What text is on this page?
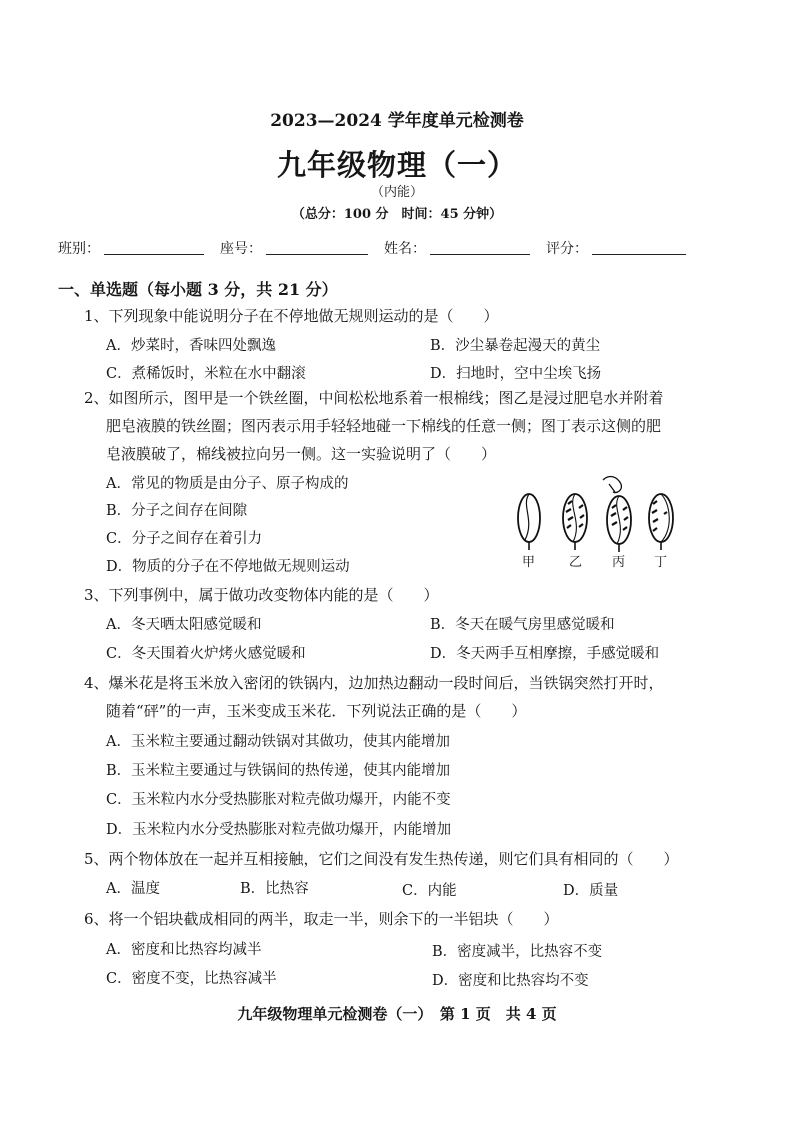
2023—2024 学年度单元检测卷
九年级物理（一）
（内能）
（总分：100 分　时间：45 分钟）
班别：	座号：	姓名：	评分：
一、单选题（每小题 3 分，共 21 分）
1、下列现象中能说明分子在不停地做无规则运动的是（　　）
A．炒菜时，香味四处飘逸	B．沙尘暴卷起漫天的黄尘
C．煮稀饭时，米粒在水中翻滚	D．扫地时，空中尘埃飞扬
2、如图所示，图甲是一个铁丝圈，中间松松地系着一根棉线；图乙是浸过肥皂水并附着
肥皂液膜的铁丝圈；图丙表示用手轻轻地碰一下棉线的任意一侧；图丁表示这侧的肥
皂液膜破了，棉线被拉向另一侧。这一实验说明了（　　）
A．常见的物质是由分子、原子构成的
B．分子之间存在间隙
C．分子之间存在着引力
D．物质的分子在不停地做无规则运动	甲	乙 丙 丁
3、下列事例中，属于做功改变物体内能的是（　　）
A．冬天晒太阳感觉暖和	B．冬天在暖气房里感觉暖和
C．冬天围着火炉烤火感觉暖和	D．冬天两手互相摩擦，手感觉暖和
4、爆米花是将玉米放入密闭的铁锅内，边加热边翻动一段时间后，当铁锅突然打开时，
随着“砰”的一声，玉米变成玉米花．下列说法正确的是（　　）
A．玉米粒主要通过翻动铁锅对其做功，使其内能增加
B．玉米粒主要通过与铁锅间的热传递，使其内能增加
C．玉米粒内水分受热膨胀对粒壳做功爆开，内能不变
D．玉米粒内水分受热膨胀对粒壳做功爆开，内能增加
5、两个物体放在一起并互相接触，它们之间没有发生热传递，则它们具有相同的（　　）
A．温度	B．比热容	C．内能	D．质量
6、将一个铝块截成相同的两半，取走一半，则余下的一半铝块（　　）
A．密度和比热容均减半	B．密度减半，比热容不变
C．密度不变，比热容减半	D．密度和比热容均不变
九年级物理单元检测卷（一）　第 1 页　共 4 页
